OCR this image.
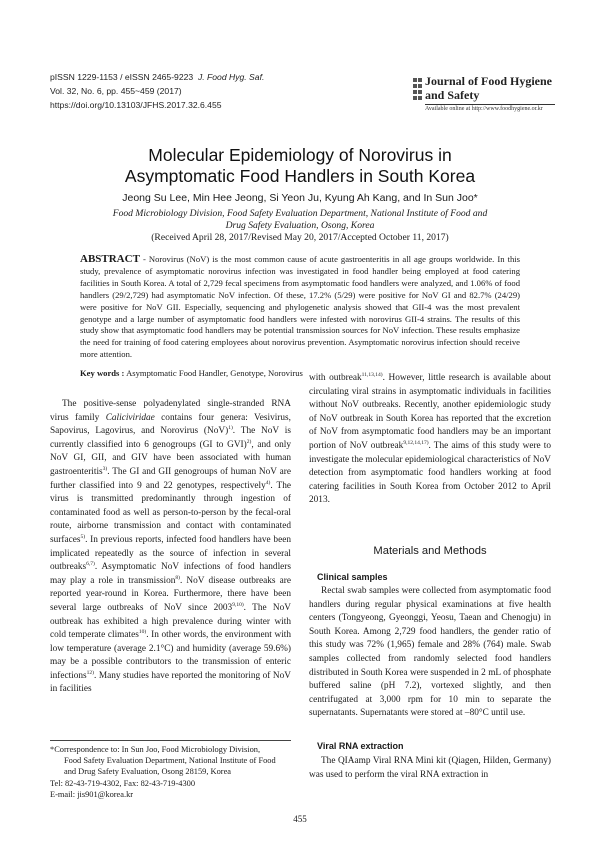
pISSN 1229-1153 / eISSN 2465-9223 J. Food Hyg. Saf.
Vol. 32, No. 6, pp. 455~459 (2017)
https://doi.org/10.13103/JFHS.2017.32.6.455
Journal of Food Hygiene
and Safety
Available online at http://www.foodhygiene.or.kr
Molecular Epidemiology of Norovirus in
Asymptomatic Food Handlers in South Korea
Jeong Su Lee, Min Hee Jeong, Si Yeon Ju, Kyung Ah Kang, and In Sun Joo*
Food Microbiology Division, Food Safety Evaluation Department, National Institute of Food and
Drug Safety Evaluation, Osong, Korea
(Received April 28, 2017/Revised May 20, 2017/Accepted October 11, 2017)
ABSTRACT - Norovirus (NoV) is the most common cause of acute gastroenteritis in all age groups worldwide. In this study, prevalence of asymptomatic norovirus infection was investigated in food handler being employed at food catering facilities in South Korea. A total of 2,729 fecal specimens from asymptomatic food handlers were analyzed, and 1.06% of food handlers (29/2,729) had asymptomatic NoV infection. Of these, 17.2% (5/29) were positive for NoV GI and 82.7% (24/29) were positive for NoV GII. Especially, sequencing and phylogenetic analysis showed that GII-4 was the most prevalent genotype and a large number of asymptomatic food handlers were infested with norovirus GII-4 strains. The results of this study show that asymptomatic food handlers may be potential transmission sources for NoV infection. These results emphasize the need for training of food catering employees about norovirus prevention. Asymptomatic norovirus infection should receive more attention.
Key words : Asymptomatic Food Handler, Genotype, Norovirus

The positive-sense polyadenylated single-stranded RNA virus family Caliciviridae contains four genera: Vesivirus, Sapovirus, Lagovirus, and Norovirus (NoV)$^{1)}$. The NoV is currently classified into 6 genogroups (GI to GVI)$^{2)}$, and only NoV GI, GII, and GIV have been associated with human gastroenteritis$^{3)}$. The GI and GII genogroups of human NoV are further classified into 9 and 22 genotypes, respectively$^{4)}$. The virus is transmitted predominantly through ingestion of contaminated food as well as person-to-person by the fecal-oral route, airborne transmission and contact with contaminated surfaces$^{5)}$. In previous reports, infected food handlers have been implicated repeatedly as the source of infection in several outbreaks$^{6,7)}$. Asymptomatic NoV infections of food handlers may play a role in transmission$^{8)}$. NoV disease outbreaks are reported year-round in Korea. Furthermore, there have been several large outbreaks of NoV since 2003$^{9,10)}$. The NoV outbreak has exhibited a high prevalence during winter with cold temperate climates$^{10)}$. In other words, the environment with low temperature (average 2.1°C) and humidity (average 59.6%) may be a possible contributors to the transmission of enteric infections$^{12)}$. Many studies have reported the monitoring of NoV in facilities

*Correspondence to: In Sun Joo, Food Microbiology Division,
Food Safety Evaluation Department, National Institute of Food
and Drug Safety Evaluation, Osong 28159, Korea
Tel: 82-43-719-4302, Fax: 82-43-719-4300
E-mail: jis901@korea.kr

with outbreak$^{11,13,14)}$. However, little research is available about circulating viral strains in asymptomatic individuals in facilities without NoV outbreaks. Recently, another epidemiologic study of NoV outbreak in South Korea has reported that the excretion of NoV from asymptomatic food handlers may be an important portion of NoV outbreak$^{9,12,14,17)}$. The aims of this study were to investigate the molecular epidemiological characteristics of NoV detection from asymptomatic food handlers working at food catering facilities in South Korea from October 2012 to April 2013.

Materials and Methods
Clinical samples

Rectal swab samples were collected from asymptomatic food handlers during regular physical examinations at five health centers (Tongyeong, Gyeonggi, Yeosu, Taean and Chenogju) in South Korea. Among 2,729 food handlers, the gender ratio of this study was 72% (1,965) female and 28% (764) male. Swab samples collected from randomly selected food handlers distributed in South Korea were suspended in 2 mL of phosphate buffered saline (pH 7.2), vortexed slightly, and then centrifugated at 3,000 rpm for 10 min to separate the supernatants. Supernatants were stored at –80°C until use.

Viral RNA extraction

The QIAamp Viral RNA Mini kit (Qiagen, Hilden, Germany) was used to perform the viral RNA extraction in

455
